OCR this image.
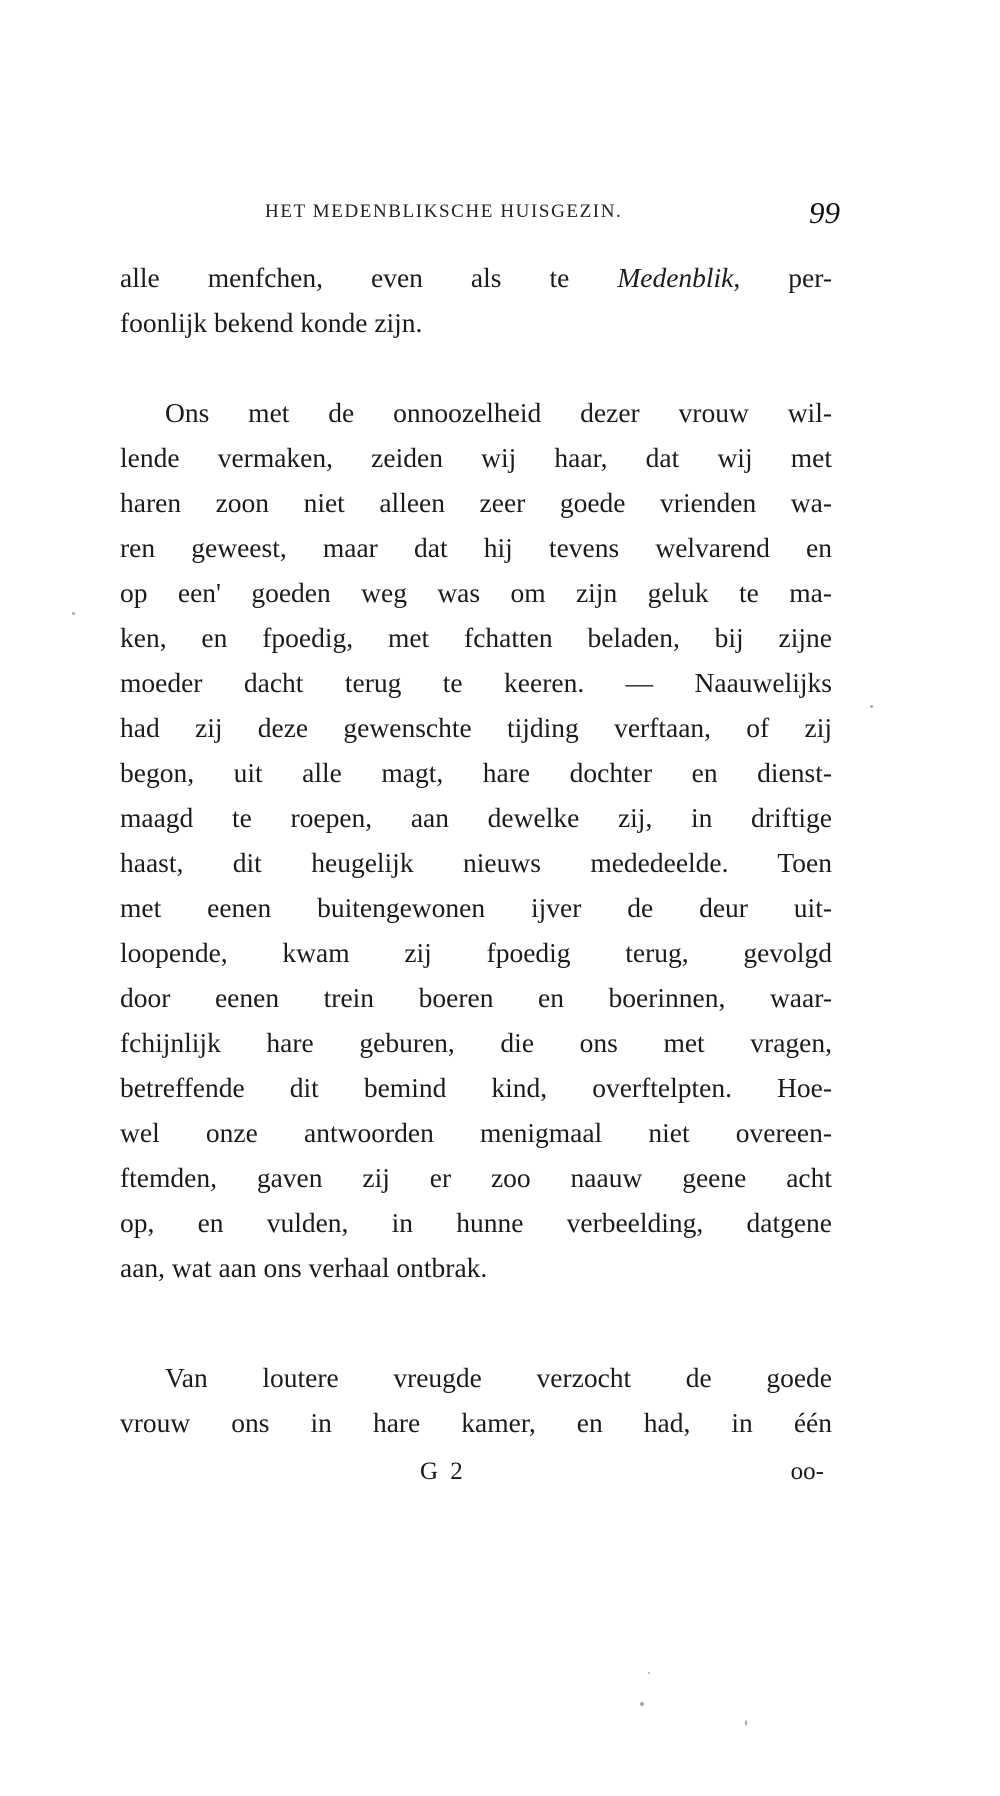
HET MEDENBLIKSCHE HUISGEZIN.	99
alle menfchen, even als te Medenblik, per-
foonlijk bekend konde zijn.
Ons met de onnoozelheid dezer vrouw wil-
lende vermaken, zeiden wij haar, dat wij met
haren zoon niet alleen zeer goede vrienden wa-
ren geweest, maar dat hij tevens welvarend en
op een' goeden weg was om zijn geluk te ma-
ken, en fpoedig, met fchatten beladen, bij zijne
moeder dacht terug te keeren. — Naauwelijks
had zij deze gewenschte tijding verftaan, of zij
begon, uit alle magt, hare dochter en dienst-
maagd te roepen, aan dewelke zij, in driftige
haast, dit heugelijk nieuws mededeelde. Toen
met eenen buitengewonen ijver de deur uit-
loopende, kwam zij fpoedig terug, gevolgd
door eenen trein boeren en boerinnen, waar-
fchijnlijk hare geburen, die ons met vragen,
betreffende dit bemind kind, overftelpten. Hoe-
wel onze antwoorden menigmaal niet overeen-
ftemden, gaven zij er zoo naauw geene acht
op, en vulden, in hunne verbeelding, datgene
aan, wat aan ons verhaal ontbrak.
Van loutere vreugde verzocht de goede
vrouw ons in hare kamer, en had, in één
G 2	oo-
